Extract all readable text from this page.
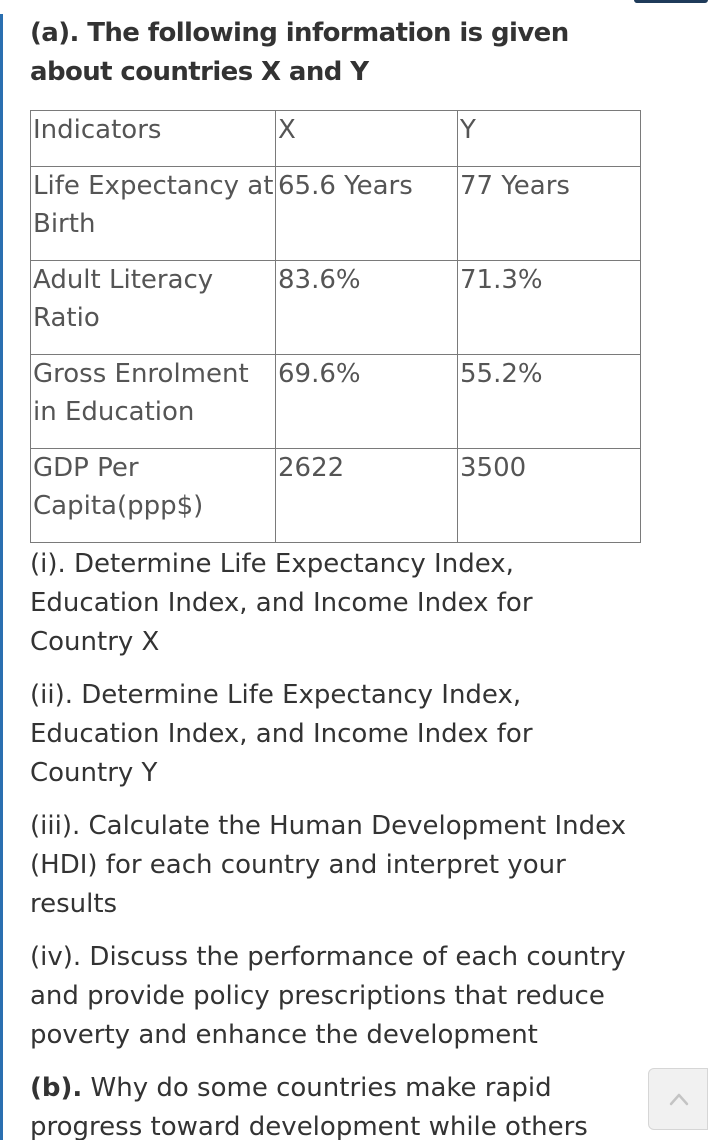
(a). The following information is given about countries X and Y
Indicators	X	Y
Life Expectancy at Birth	65.6 Years	77 Years
Adult Literacy Ratio	83.6%	71.3%
Gross Enrolment in Education	69.6%	55.2%
GDP Per Capita(ppp$)	2622	3500

(i). Determine Life Expectancy Index, Education Index, and Income Index for Country X

(ii). Determine Life Expectancy Index, Education Index, and Income Index for Country Y

(iii). Calculate the Human Development Index (HDI) for each country and interpret your results

(iv). Discuss the performance of each country and provide policy prescriptions that reduce poverty and enhance the development

(b). Why do some countries make rapid progress toward development while others
